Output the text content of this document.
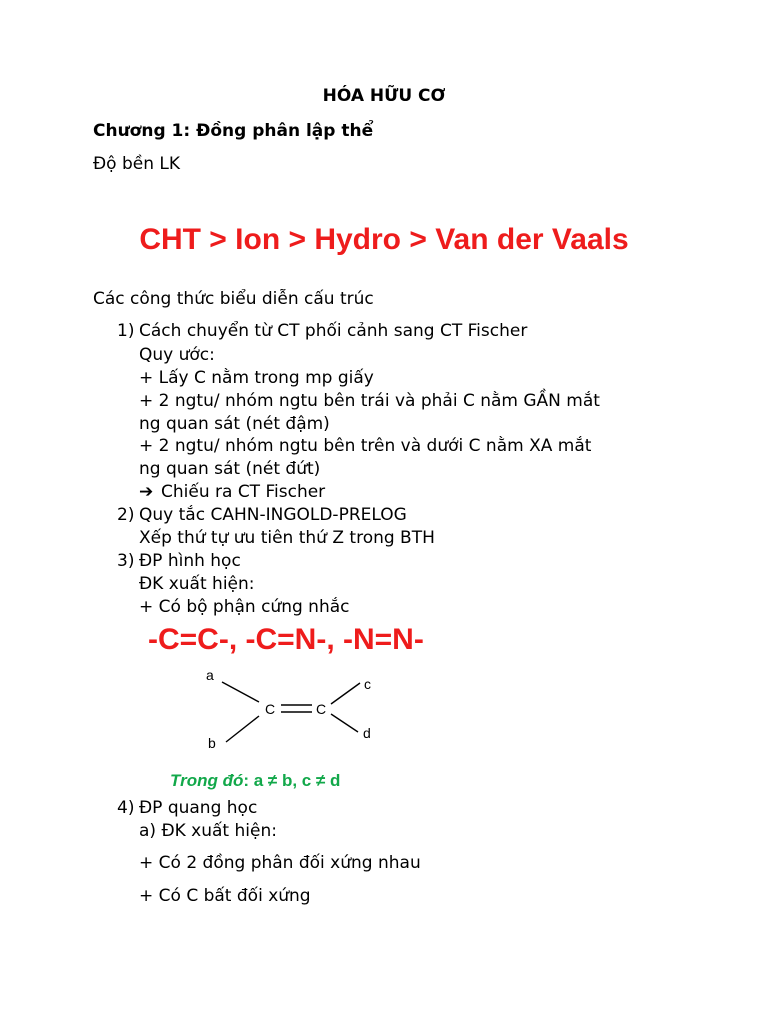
HÓA HỮU CƠ
Chương 1: Đồng phân lập thể
Độ bền LK
CHT > Ion > Hydro > Van der Vaals
Các công thức biểu diễn cấu trúc
1) Cách chuyển từ CT phối cảnh sang CT Fischer
Quy ước:
+ Lấy C nằm trong mp giấy
+ 2 ngtu/ nhóm ngtu bên trái và phải C nằm GẦN mắt
ng quan sát (nét đậm)
+ 2 ngtu/ nhóm ngtu bên trên và dưới C nằm XA mắt
ng quan sát (nét đứt)
➔ Chiếu ra CT Fischer
2) Quy tắc CAHN-INGOLD-PRELOG
Xếp thứ tự ưu tiên thứ Z trong BTH
3) ĐP hình học
ĐK xuất hiện:
+ Có bộ phận cứng nhắc
-C=C-, -C=N-, -N=N-
a
b
C	C
c
d
Trong đó: a ≠ b, c ≠ d
4) ĐP quang học
a) ĐK xuất hiện:
+ Có 2 đồng phân đối xứng nhau
+ Có C bất đối xứng
